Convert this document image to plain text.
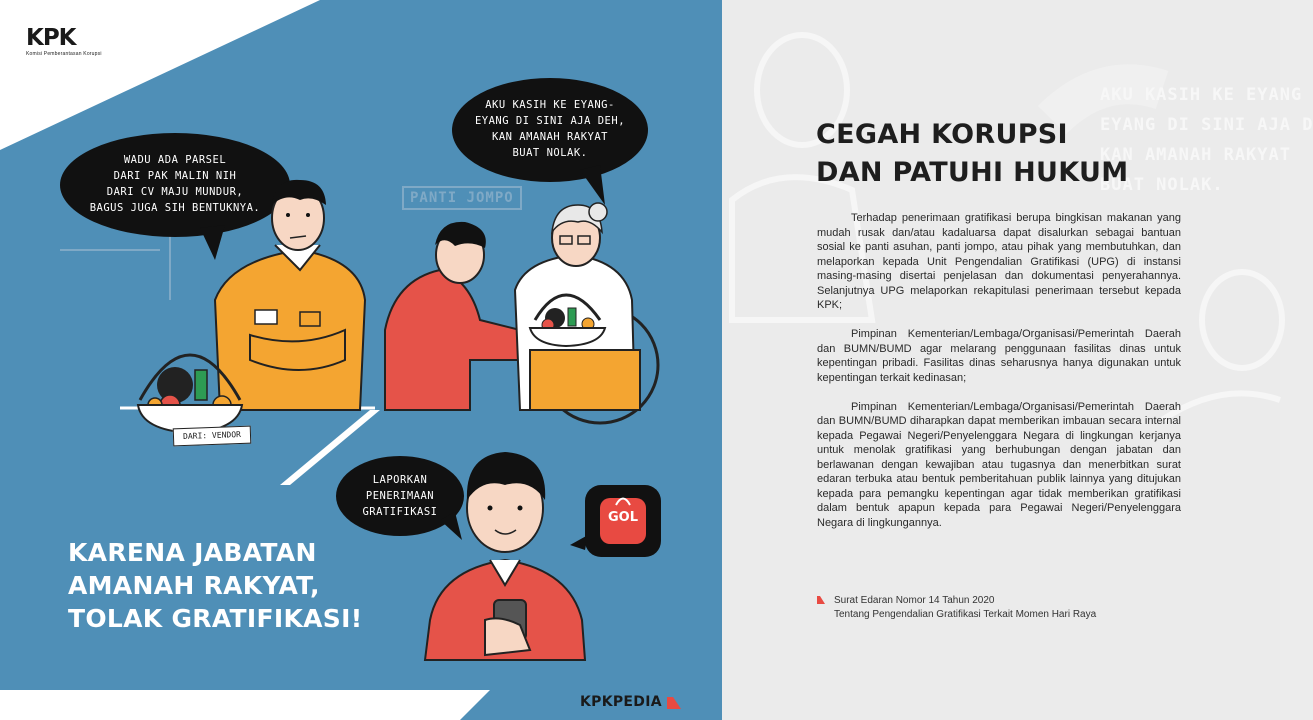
KPK
Komisi Pemberantasan Korupsi
WADU ADA PARSEL
DARI PAK MALIN NIH
DARI CV MAJU MUNDUR,
BAGUS JUGA SIH BENTUKNYA.
AKU KASIH KE EYANG-
EYANG DI SINI AJA DEH,
KAN AMANAH RAKYAT
BUAT NOLAK.
LAPORKAN
PENERIMAAN
GRATIFIKASI
PANTI JOMPO
DARI: VENDOR
GOL
KARENA JABATAN
AMANAH RAKYAT,
TOLAK GRATIFIKASI!
KPKPEDIA
AKU KASIH KE EYANG
EYANG DI SINI AJA D
KAN AMANAH RAKYAT
BUAT NOLAK.
CEGAH KORUPSI
DAN PATUHI HUKUM

Terhadap penerimaan gratifikasi berupa bingkisan makanan yang mudah rusak dan/atau kadaluarsa dapat disalurkan sebagai bantuan sosial ke panti asuhan, panti jompo, atau pihak yang membutuhkan, dan melaporkan kepada Unit Pengendalian Gratifikasi (UPG) di instansi masing-masing disertai penjelasan dan dokumentasi penyerahannya. Selanjutnya UPG melaporkan rekapitulasi penerimaan tersebut kepada KPK;

Pimpinan Kementerian/Lembaga/Organisasi/Pemerintah Daerah dan BUMN/BUMD agar melarang penggunaan fasilitas dinas untuk kepentingan pribadi. Fasilitas dinas seharusnya hanya digunakan untuk kepentingan terkait kedinasan;

Pimpinan Kementerian/Lembaga/Organisasi/Pemerintah Daerah dan BUMN/BUMD diharapkan dapat memberikan imbauan secara internal kepada Pegawai Negeri/Penyelenggara Negara di lingkungan kerjanya untuk menolak gratifikasi yang berhubungan dengan jabatan dan berlawanan dengan kewajiban atau tugasnya dan menerbitkan surat edaran terbuka atau bentuk pemberitahuan publik lainnya yang ditujukan kepada para pemangku kepentingan agar tidak memberikan gratifikasi dalam bentuk apapun kepada para Pegawai Negeri/Penyelenggara Negara di lingkungannya.

Surat Edaran Nomor 14 Tahun 2020
Tentang Pengendalian Gratifikasi Terkait Momen Hari Raya
